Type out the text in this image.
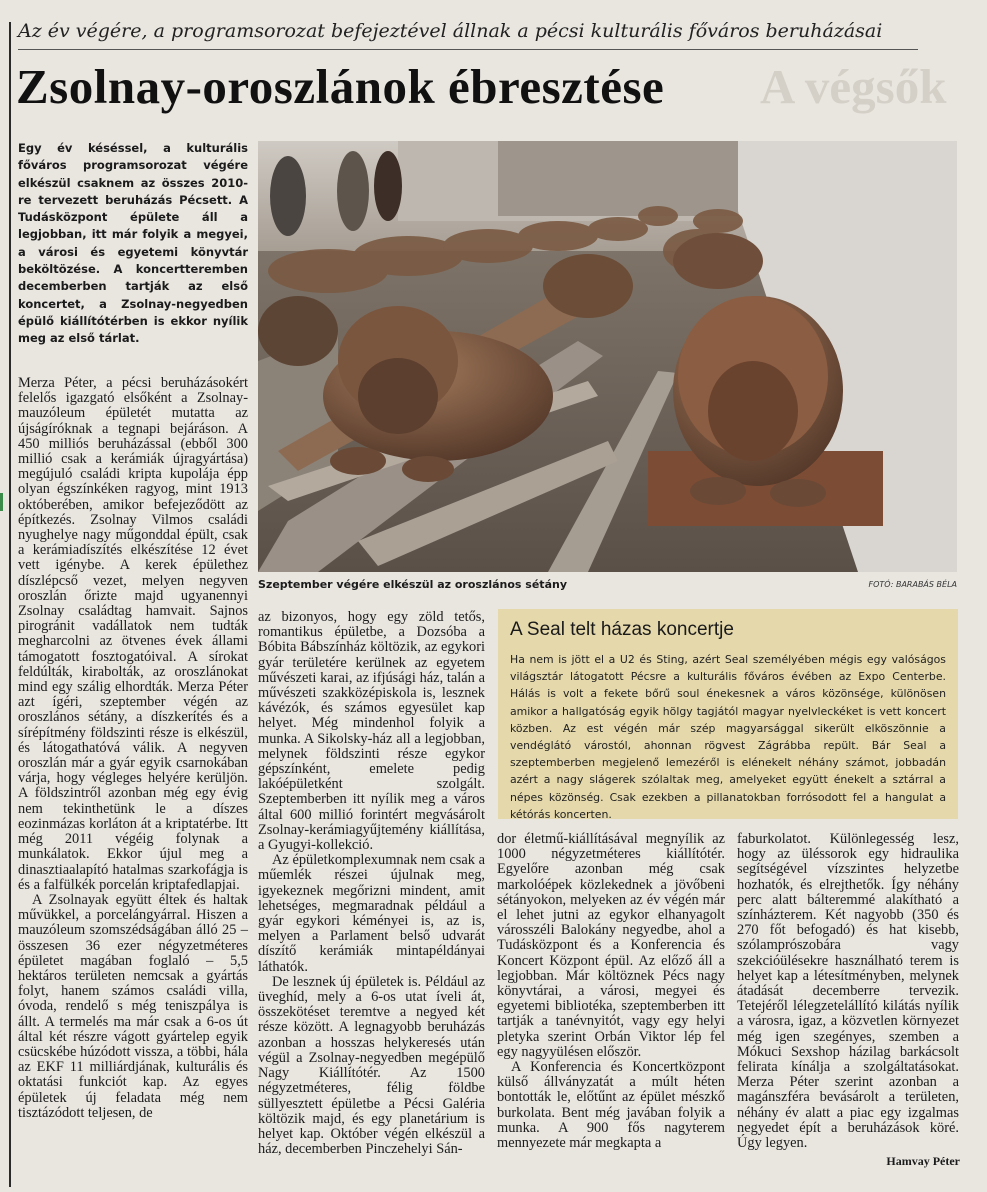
Az év végére, a programsorozat befejeztével állnak a pécsi kulturális főváros beruházásai
Zsolnay-oroszlánok ébresztése	A végsők
Egy év késéssel, a kulturális főváros programsorozat végére elkészül csaknem az összes 2010-re tervezett beruházás Pécsett. A Tudásközpont épülete áll a legjobban, itt már folyik a megyei, a városi és egyetemi könyvtár beköltözése. A koncertteremben decemberben tartják az első koncertet, a Zsolnay-negyedben épülő kiállítótérben is ekkor nyílik meg az első tárlat.

Merza Péter, a pécsi beruházásokért felelős igazgató elsőként a Zsolnay-mauzóleum épületét mutatta az újságíróknak a tegnapi bejáráson. A 450 milliós beruházással (ebből 300 millió csak a kerámiák újragyártása) megújuló családi kripta kupolája épp olyan égszínkéken ragyog, mint 1913 októberében, amikor befejeződött az építkezés. Zsolnay Vilmos családi nyughelye nagy műgonddal épült, csak a kerámiadíszítés elkészítése 12 évet vett igénybe. A kerek épülethez díszlépcső vezet, melyen negyven oroszlán őrizte majd ugyanennyi Zsolnay családtag hamvait. Sajnos pirogránit vadállatok nem tudták megharcolni az ötvenes évek állami támogatott fosztogatóival. A sírokat feldúlták, kirabolták, az oroszlánokat mind egy szálig elhordták. Merza Péter azt ígéri, szeptember végén az oroszlános sétány, a díszkerítés és a sírépítmény földszinti része is elkészül, és látogathatóvá válik. A negyven oroszlán már a gyár egyik csarnokában várja, hogy végleges helyére kerüljön. A földszintről azonban még egy évig nem tekinthetünk le a díszes eozinmázas korláton át a kriptatérbe. Itt még 2011 végéig folynak a munkálatok. Ekkor újul meg a dinasztiaalapító hatalmas szarkofágja is és a falfülkék porcelán kriptafedlapjai.

A Zsolnayak együtt éltek és haltak művükkel, a porcelángyárral. Hiszen a mauzóleum szomszédságában álló 25 – összesen 36 ezer négyzetméteres épületet magában foglaló – 5,5 hektáros területen nemcsak a gyártás folyt, hanem számos családi villa, óvoda, rendelő s még teniszpálya is állt. A termelés ma már csak a 6-os út által két részre vágott gyártelep egyik csücskébe húzódott vissza, a többi, hála az EKF 11 milliárdjának, kulturális és oktatási funkciót kap. Az egyes épületek új feladata még nem tisztázódott teljesen, de

Szeptember végére elkészül az oroszlános sétány	FOTÓ: BARABÁS BÉLA

az bizonyos, hogy egy zöld tetős, romantikus épületbe, a Dozsóba a Bóbita Bábszínház költözik, az egykori gyár területére kerülnek az egyetem művészeti karai, az ifjúsági ház, talán a művészeti szakközépiskola is, lesznek kávézók, és számos egyesület kap helyet. Még mindenhol folyik a munka. A Sikolsky-ház all a legjobban, melynek földszinti része egykor gépszínként, emelete pedig lakóépületként szolgált. Szeptemberben itt nyílik meg a város által 600 millió forintért megvásárolt Zsolnay-kerámiagyűjtemény kiállítása, a Gyugyi-kollekció.

Az épületkomplexumnak nem csak a műemlék részei újulnak meg, igyekeznek megőrizni mindent, amit lehetséges, megmaradnak például a gyár egykori kéményei is, az is, melyen a Parlament belső udvarát díszítő kerámiák mintapéldányai láthatók.

De lesznek új épületek is. Például az üveghíd, mely a 6-os utat íveli át, összekötéset teremtve a negyed két része között. A legnagyobb beruházás azonban a hosszas helykeresés után végül a Zsolnay-negyedben megépülő Nagy Kiállítótér. Az 1500 négyzetméteres, félig földbe süllyesztett épületbe a Pécsi Galéria költözik majd, és egy planetárium is helyet kap. Október végén elkészül a ház, decemberben Pinczehelyi Sán-

A Seal telt házas koncertje
Ha nem is jött el a U2 és Sting, azért Seal személyében mégis egy valóságos világsztár látogatott Pécsre a kulturális főváros évében az Expo Centerbe. Hálás is volt a fekete bőrű soul énekesnek a város közönsége, különösen amikor a hallgatóság egyik hölgy tagjától magyar nyelvleckéket is vett koncert közben. Az est végén már szép magyarsággal sikerült elköszönnie a vendéglátó várostól, ahonnan rögvest Zágrábba repült. Bár Seal a szeptemberben megjelenő lemezéről is elénekelt néhány számot, jobbadán azért a nagy slágerek szólaltak meg, amelyeket együtt énekelt a sztárral a népes közönség. Csak ezekben a pillanatokban forrósodott fel a hangulat a kétórás koncerten.

dor életmű-kiállításával megnyílik az 1000 négyzetméteres kiállítótér. Egyelőre azonban még csak markolóépek közlekednek a jövőbeni sétányokon, melyeken az év végén már el lehet jutni az egykor elhanyagolt városszéli Balokány negyedbe, ahol a Tudásközpont és a Konferencia és Koncert Központ épül. Az előző áll a legjobban. Már költöznek Pécs nagy könyvtárai, a városi, megyei és egyetemi bibliotéka, szeptemberben itt tartják a tanévnyitót, vagy egy helyi pletyka szerint Orbán Viktor lép fel egy nagyyülésen először.

A Konferencia és Koncertközpont külső állványzatát a múlt héten bontották le, előtűnt az épület mészkő burkolata. Bent még javában folyik a munka. A 900 fős nagyterem mennyezete már megkapta a

faburkolatot. Különlegesség lesz, hogy az üléssorok egy hidraulika segítségével vízszintes helyzetbe hozhatók, és elrejthetők. Így néhány perc alatt bálteremmé alakítható a színházterem. Két nagyobb (350 és 270 főt befogadó) és hat kisebb, szólamprószobára vagy szekcióülésekre használható terem is helyet kap a létesítményben, melynek átadását decemberre tervezik. Tetejéről lélegzetelállító kilátás nyílik a városra, igaz, a közvetlen környezet még igen szegényes, szemben a Mókuci Sexshop házilag barkácsolt felirata kínálja a szolgáltatásokat. Merza Péter szerint azonban a magánszféra bevásárolt a területen, néhány év alatt a piac egy izgalmas negyedet épít a beruházások köré. Úgy legyen.

Hamvay Péter
